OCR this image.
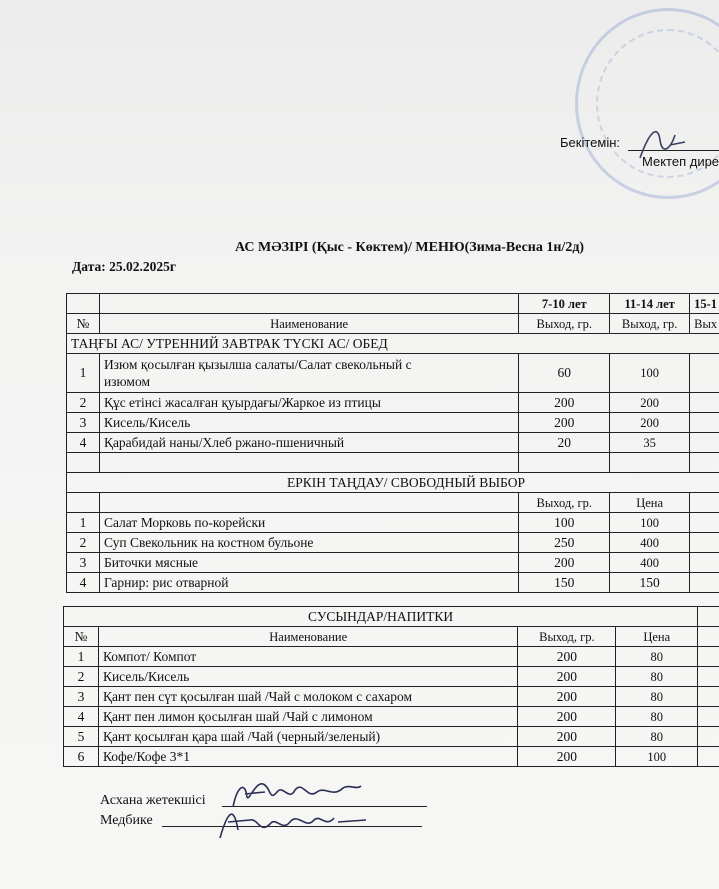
Бекітемін:
Мектеп дире
АС МӘЗІРІ (Қыс - Көктем)/ МЕНЮ(Зима-Весна 1н/2д)
Дата: 25.02.2025г
		7-10 лет	11-14 лет	15-1
№	Наименование	Выход, гр.	Выход, гр.	Вых
ТАҢҒЫ АС/ УТРЕННИЙ ЗАВТРАК ТҮСКІ АС/ ОБЕД				
1	Изюм қосылған қызылша салаты/Салат свекольный с
изюмом	60	100	
2	Құс етінсі жасалған қуырдағы/Жаркое из птицы	200	200	
3	Кисель/Кисель	200	200	
4	Қарабидай наны/Хлеб ржано-пшеничный	20	35	

ЕРКІН ТАҢДАУ/ СВОБОДНЫЙ ВЫБОР				
		Выход, гр.	Цена	
1	Салат Морковь по-корейски	100	100	
2	Суп Свекольник на костном бульоне	250	400	
3	Биточки мясные	200	400	
4	Гарнир: рис отварной	150	150	
СУСЫНДАР/НАПИТКИ				
№	Наименование	Выход, гр.	Цена	
1	Компот/ Компот	200	80	
2	Кисель/Кисель	200	80	
3	Қант пен сүт қосылған шай /Чай с молоком с сахаром	200	80	
4	Қант пен лимон қосылған шай /Чай с лимоном	200	80	
5	Қант қосылған қара шай /Чай (черный/зеленый)	200	80	
6	Кофе/Кофе 3*1	200	100	
Асхана жетекшісі
Медбике
